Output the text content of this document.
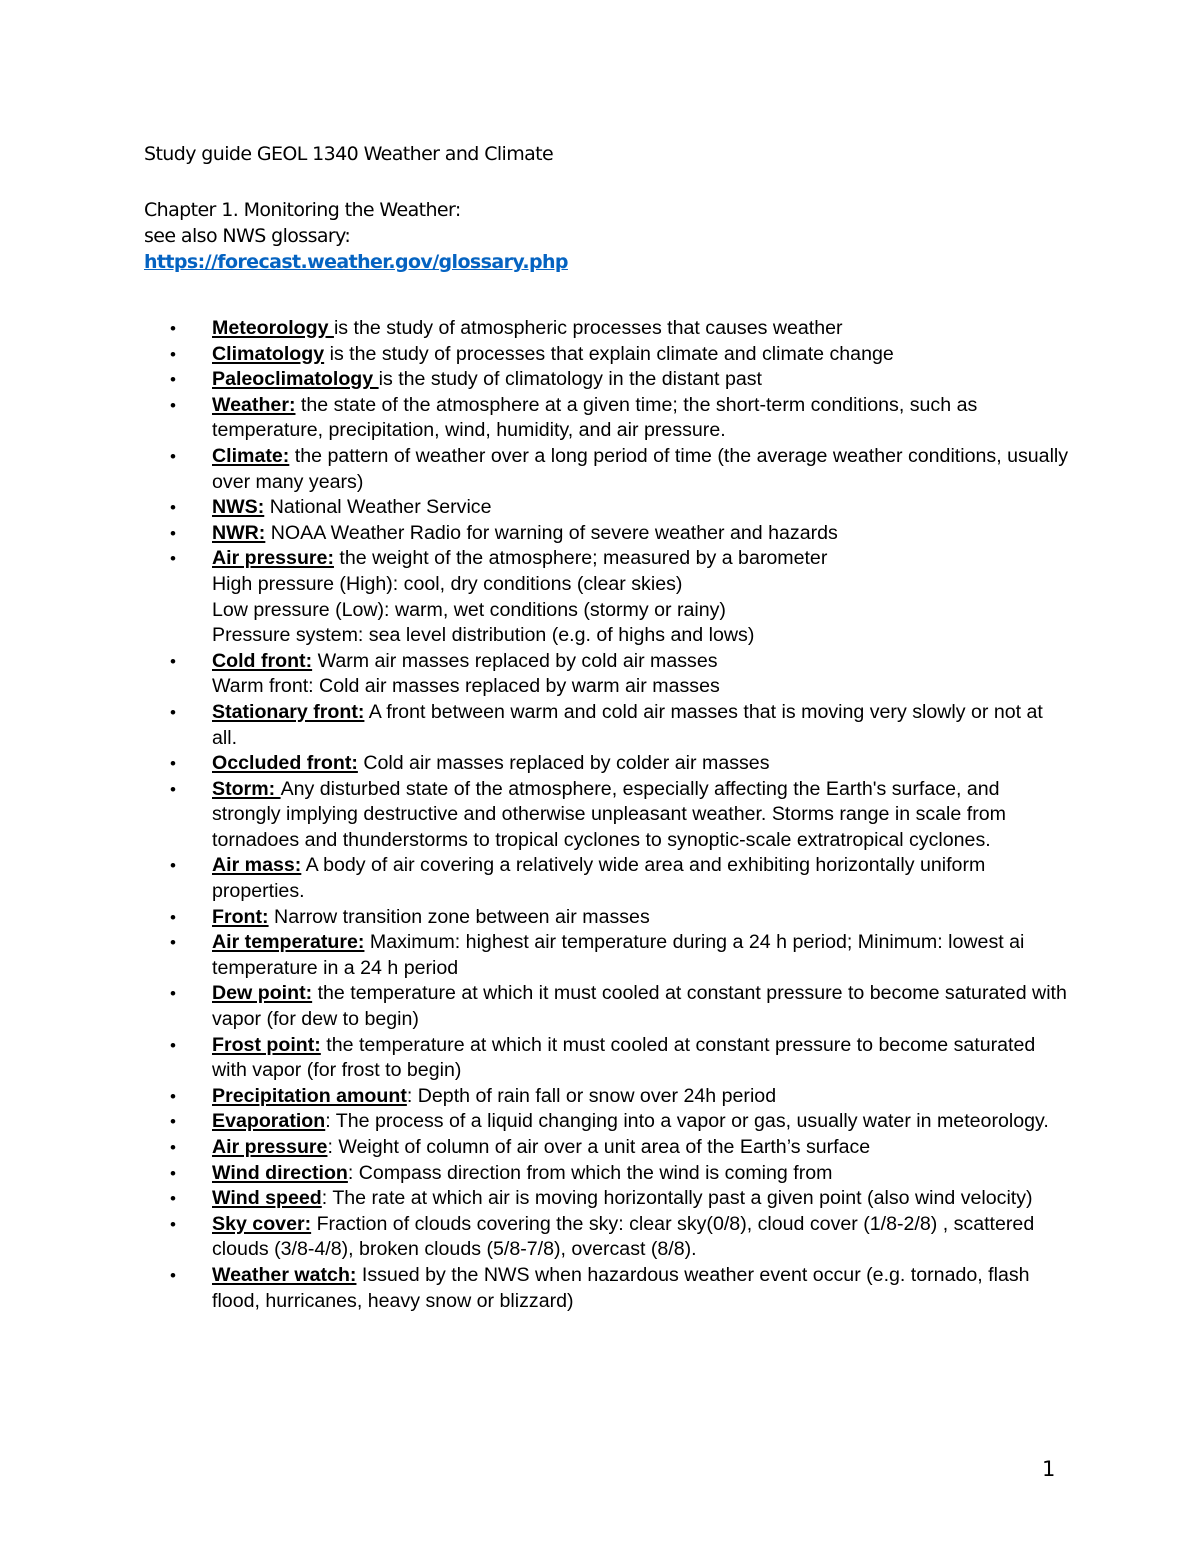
Study guide GEOL 1340 Weather and Climate

Chapter 1. Monitoring the Weather:

see also NWS glossary:

https://forecast.weather.gov/glossary.php

• Meteorology is the study of atmospheric processes that causes weather
• Climatology is the study of processes that explain climate and climate change
• Paleoclimatology is the study of climatology in the distant past
• Weather: the state of the atmosphere at a given time; the short-term conditions, such as temperature, precipitation, wind, humidity, and air pressure.
• Climate: the pattern of weather over a long period of time (the average weather conditions, usually over many years)
• NWS: National Weather Service
• NWR: NOAA Weather Radio for warning of severe weather and hazards
• Air pressure: the weight of the atmosphere; measured by a barometer
High pressure (High): cool, dry conditions (clear skies)
Low pressure (Low): warm, wet conditions (stormy or rainy)
Pressure system: sea level distribution (e.g. of highs and lows)
• Cold front: Warm air masses replaced by cold air masses
Warm front: Cold air masses replaced by warm air masses
• Stationary front: A front between warm and cold air masses that is moving very slowly or not at all.
• Occluded front: Cold air masses replaced by colder air masses
• Storm: Any disturbed state of the atmosphere, especially affecting the Earth's surface, and strongly implying destructive and otherwise unpleasant weather. Storms range in scale from tornadoes and thunderstorms to tropical cyclones to synoptic-scale extratropical cyclones.
• Air mass: A body of air covering a relatively wide area and exhibiting horizontally uniform properties.
• Front: Narrow transition zone between air masses
• Air temperature: Maximum: highest air temperature during a 24 h period; Minimum: lowest ai temperature in a 24 h period
• Dew point: the temperature at which it must cooled at constant pressure to become saturated with vapor (for dew to begin)
• Frost point: the temperature at which it must cooled at constant pressure to become saturated with vapor (for frost to begin)
• Precipitation amount: Depth of rain fall or snow over 24h period
• Evaporation: The process of a liquid changing into a vapor or gas, usually water in meteorology.
• Air pressure: Weight of column of air over a unit area of the Earth’s surface
• Wind direction: Compass direction from which the wind is coming from
• Wind speed: The rate at which air is moving horizontally past a given point (also wind velocity)
• Sky cover: Fraction of clouds covering the sky: clear sky(0/8), cloud cover (1/8-2/8) , scattered clouds (3/8-4/8), broken clouds (5/8-7/8), overcast (8/8).
• Weather watch: Issued by the NWS when hazardous weather event occur (e.g. tornado, flash flood, hurricanes, heavy snow or blizzard)
1
